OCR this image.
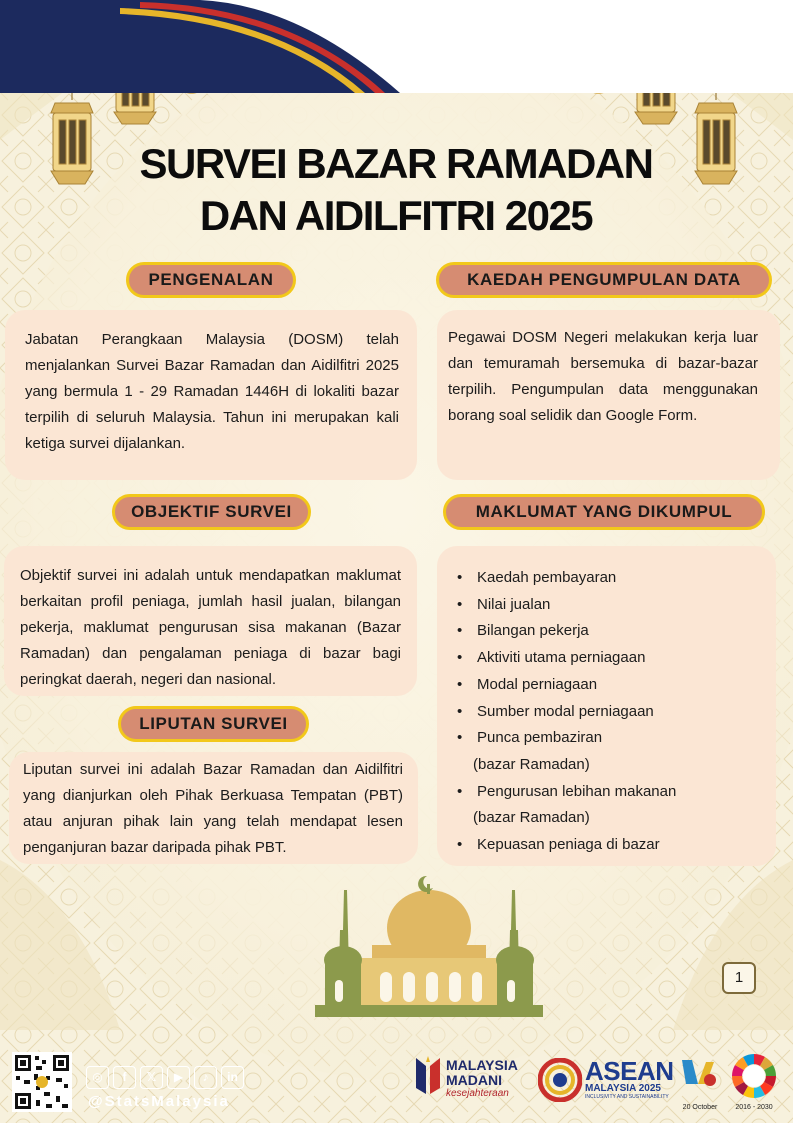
SURVEI BAZAR RAMADAN
DAN AIDILFITRI 2025
PENGENALAN

Jabatan Perangkaan Malaysia (DOSM) telah menjalankan Survei Bazar Ramadan dan Aidilfitri 2025 yang bermula 1 - 29 Ramadan 1446H di lokaliti bazar terpilih di seluruh Malaysia. Tahun ini merupakan kali ketiga survei dijalankan.

KAEDAH PENGUMPULAN DATA

Pegawai DOSM Negeri melakukan kerja luar dan temuramah bersemuka di bazar-bazar terpilih. Pengumpulan data menggunakan borang soal selidik dan Google Form.

OBJEKTIF SURVEI

Objektif survei ini adalah untuk mendapatkan maklumat berkaitan profil peniaga, jumlah hasil jualan, bilangan pekerja, maklumat pengurusan sisa makanan (Bazar Ramadan) dan pengalaman peniaga di bazar bagi peringkat daerah, negeri dan nasional.

MAKLUMAT YANG DIKUMPUL
• Kaedah pembayaran
• Nilai jualan
• Bilangan pekerja
• Aktiviti utama perniagaan
• Modal perniagaan
• Sumber modal perniagaan
• Punca pembaziran
(bazar Ramadan)
• Pengurusan lebihan makanan
(bazar Ramadan)
• Kepuasan peniaga di bazar
LIPUTAN SURVEI

Liputan survei ini adalah Bazar Ramadan dan Aidilfitri yang dianjurkan oleh Pihak Berkuasa Tempatan (PBT) atau anjuran pihak lain yang telah mendapat lesen penganjuran bazar daripada pihak PBT.

1
◎	f	𝕏	▶	♪	in
@StatsMalaysia
MALAYSIA
MADANI
kesejahteraan
ASEAN
MALAYSIA 2025
INCLUSIVITY AND SUSTAINABILITY
20 October	2016 - 2030
